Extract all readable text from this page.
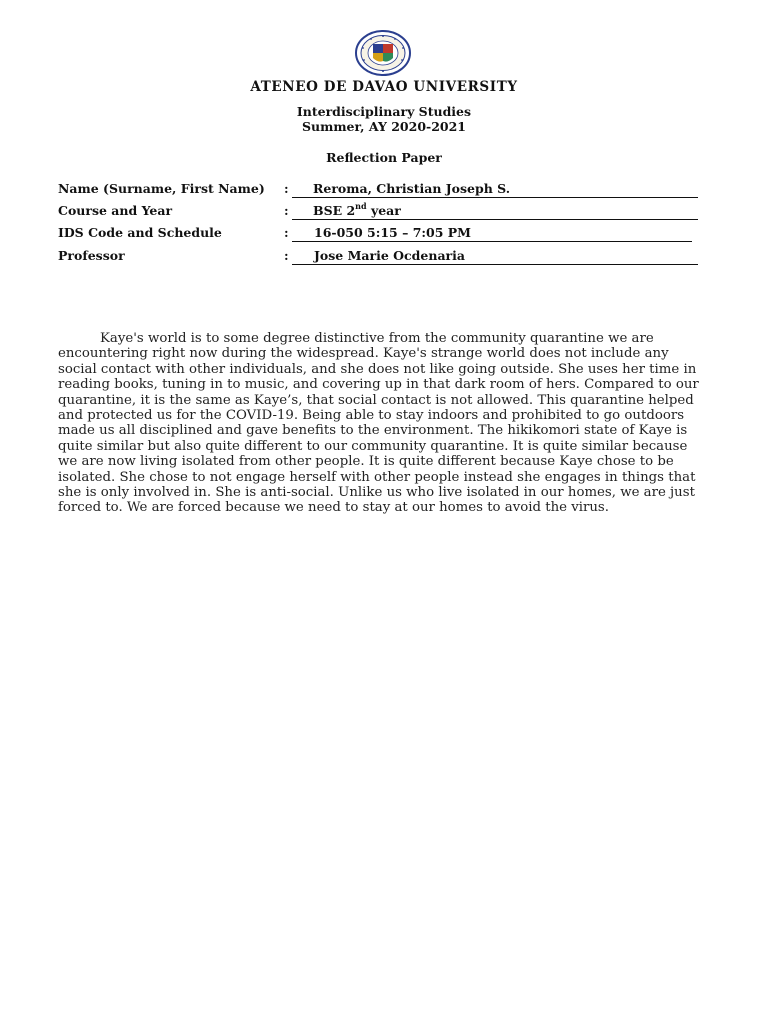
ATENEO DE DAVAO UNIVERSITY
Interdisciplinary Studies
Summer, AY 2020-2021
Reflection Paper
Name (Surname, First Name) : Reroma, Christian Joseph S.
Course and Year	: BSE 2nd year
IDS Code and Schedule	: 16-050 5:15 – 7:05 PM
Professor	: Jose Marie Ocdenaria

Kaye's world is to some degree distinctive from the community quarantine we are encountering right now during the widespread. Kaye's strange world does not include any social contact with other individuals, and she does not like going outside. She uses her time in reading books, tuning in to music, and covering up in that dark room of hers. Compared to our quarantine, it is the same as Kaye’s, that social contact is not allowed. This quarantine helped and protected us for the COVID-19. Being able to stay indoors and prohibited to go outdoors made us all disciplined and gave benefits to the environment. The hikikomori state of Kaye is quite similar but also quite different to our community quarantine. It is quite similar because we are now living isolated from other people. It is quite different because Kaye chose to be isolated. She chose to not engage herself with other people instead she engages in things that she is only involved in. She is anti-social. Unlike us who live isolated in our homes, we are just forced to. We are forced because we need to stay at our homes to avoid the virus.
